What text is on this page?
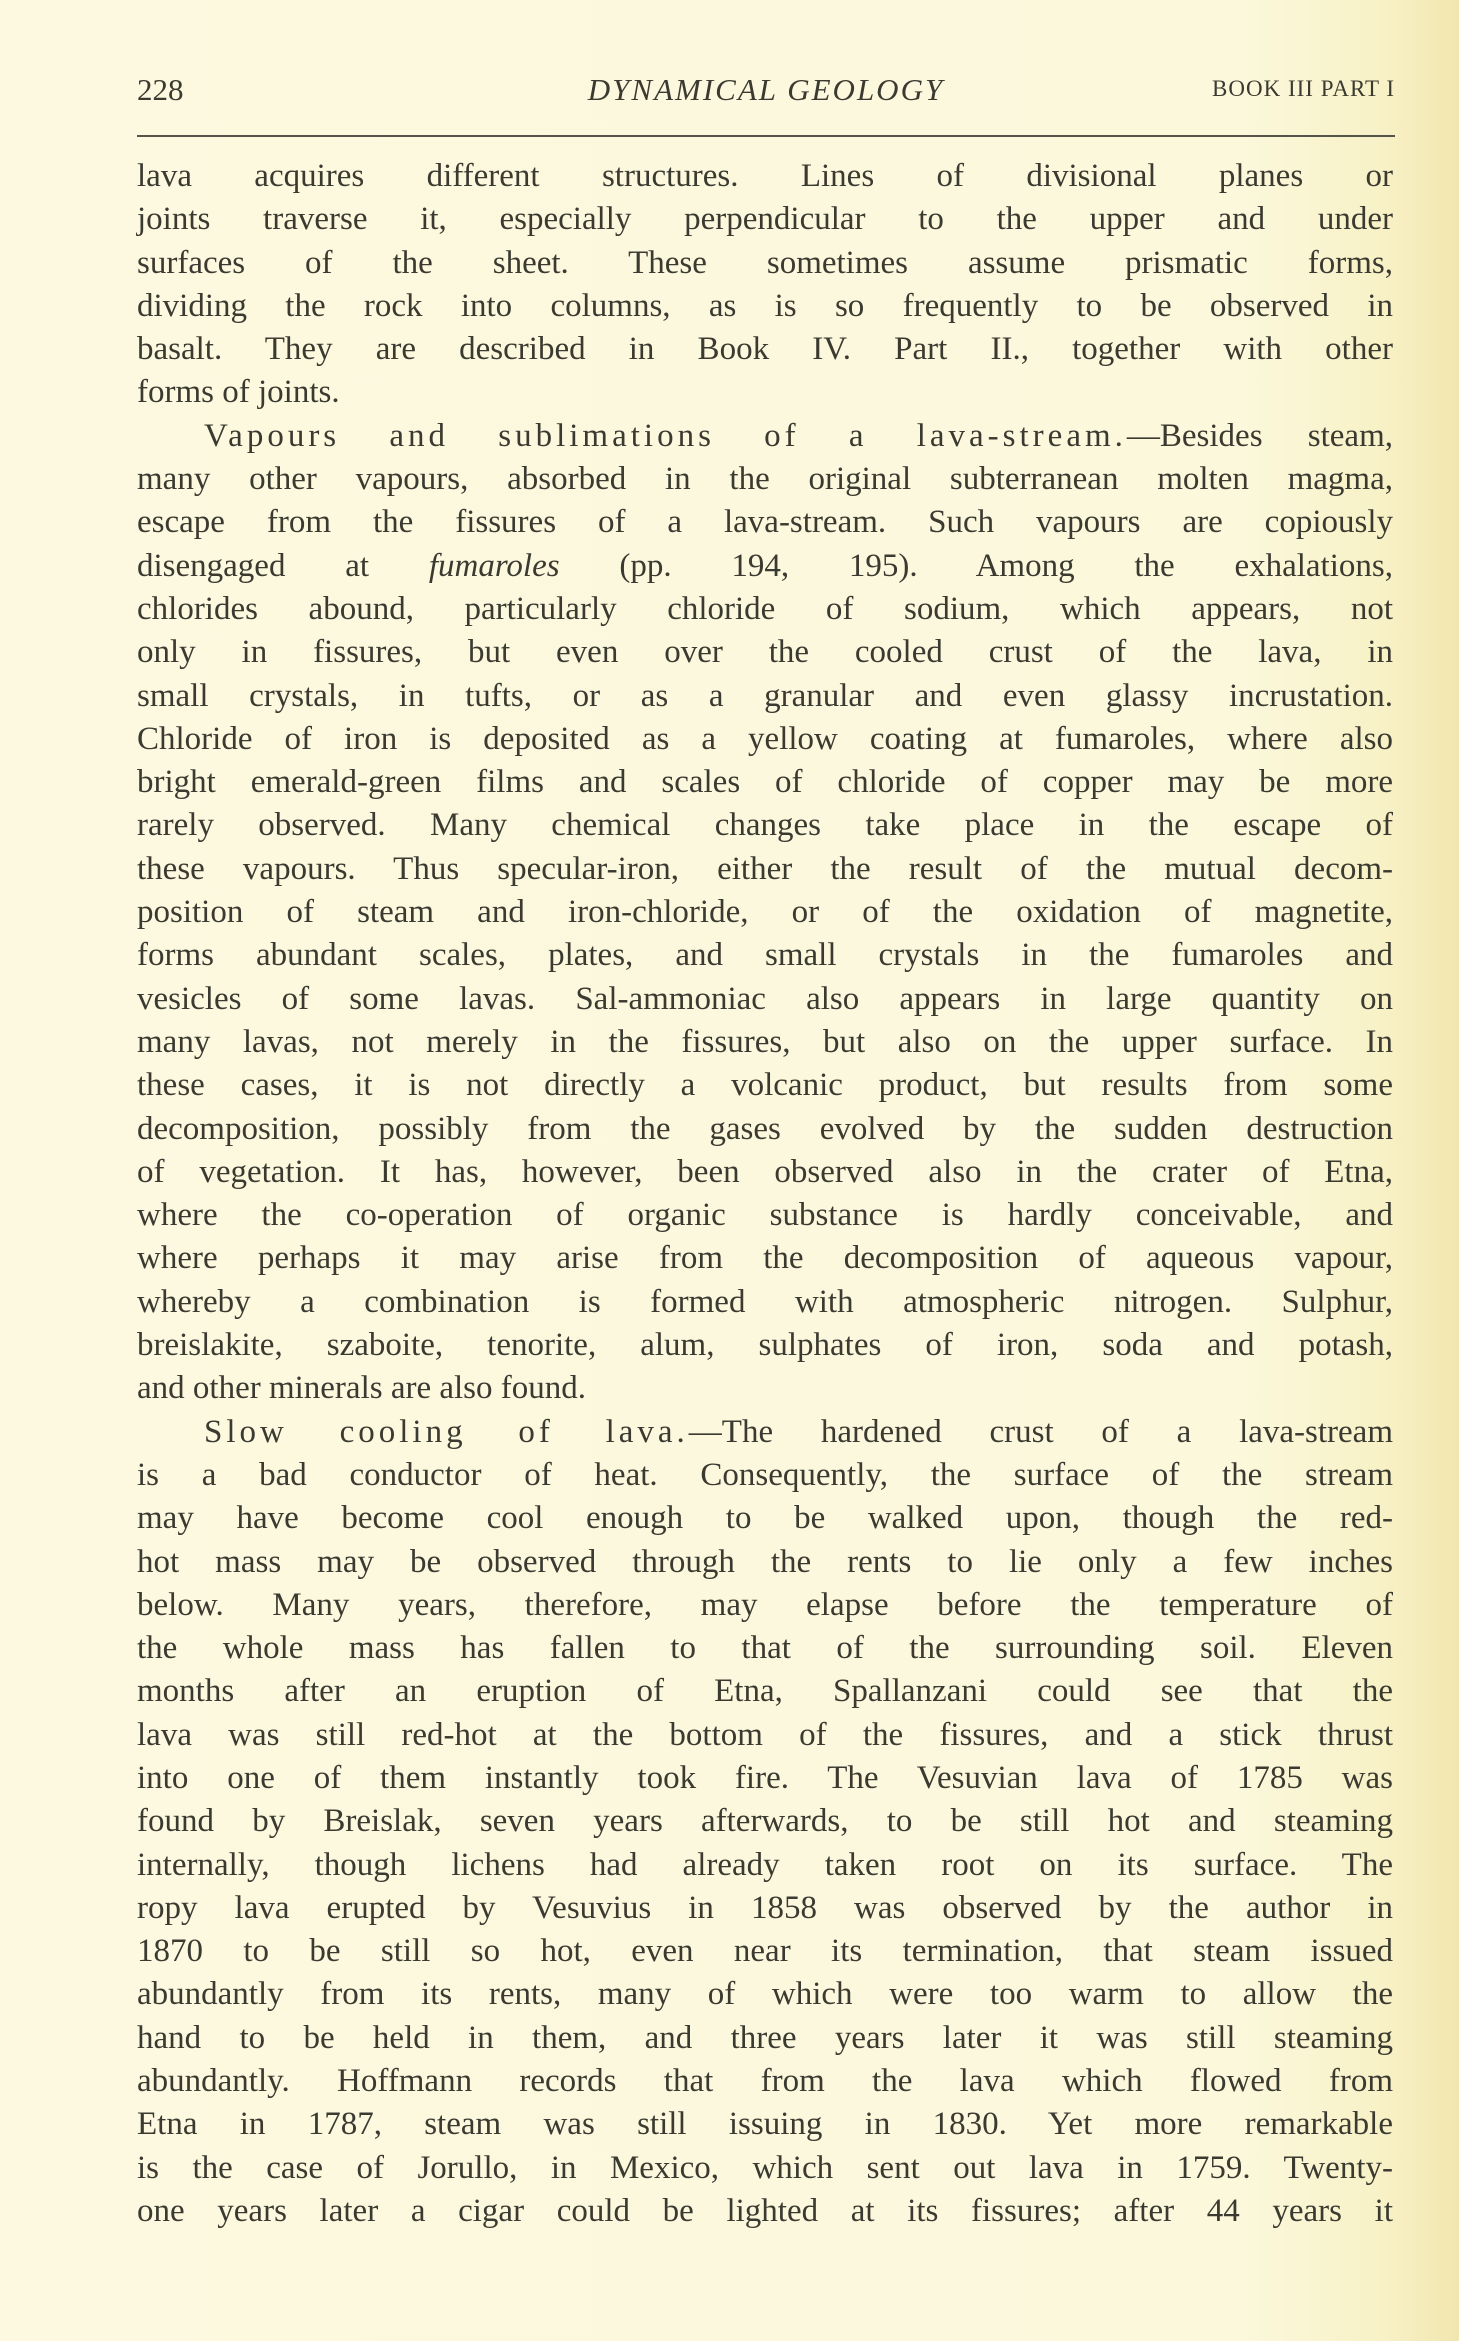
228	DYNAMICAL GEOLOGY	BOOK III PART I
lava acquires different structures. Lines of divisional planes or
joints traverse it, especially perpendicular to the upper and under
surfaces of the sheet. These sometimes assume prismatic forms,
dividing the rock into columns, as is so frequently to be observed in
basalt. They are described in Book IV. Part II., together with other
forms of joints.
Vapours and sublimations of a lava-stream.—Besides steam,
many other vapours, absorbed in the original subterranean molten magma,
escape from the fissures of a lava-stream. Such vapours are copiously
disengaged at fumaroles (pp. 194, 195). Among the exhalations,
chlorides abound, particularly chloride of sodium, which appears, not
only in fissures, but even over the cooled crust of the lava, in
small crystals, in tufts, or as a granular and even glassy incrustation.
Chloride of iron is deposited as a yellow coating at fumaroles, where also
bright emerald-green films and scales of chloride of copper may be more
rarely observed. Many chemical changes take place in the escape of
these vapours. Thus specular-iron, either the result of the mutual decom-
position of steam and iron-chloride, or of the oxidation of magnetite,
forms abundant scales, plates, and small crystals in the fumaroles and
vesicles of some lavas. Sal-ammoniac also appears in large quantity on
many lavas, not merely in the fissures, but also on the upper surface. In
these cases, it is not directly a volcanic product, but results from some
decomposition, possibly from the gases evolved by the sudden destruction
of vegetation. It has, however, been observed also in the crater of Etna,
where the co-operation of organic substance is hardly conceivable, and
where perhaps it may arise from the decomposition of aqueous vapour,
whereby a combination is formed with atmospheric nitrogen. Sulphur,
breislakite, szaboite, tenorite, alum, sulphates of iron, soda and potash,
and other minerals are also found.
Slow cooling of lava.—The hardened crust of a lava-stream
is a bad conductor of heat. Consequently, the surface of the stream
may have become cool enough to be walked upon, though the red-
hot mass may be observed through the rents to lie only a few inches
below. Many years, therefore, may elapse before the temperature of
the whole mass has fallen to that of the surrounding soil. Eleven
months after an eruption of Etna, Spallanzani could see that the
lava was still red-hot at the bottom of the fissures, and a stick thrust
into one of them instantly took fire. The Vesuvian lava of 1785 was
found by Breislak, seven years afterwards, to be still hot and steaming
internally, though lichens had already taken root on its surface. The
ropy lava erupted by Vesuvius in 1858 was observed by the author in
1870 to be still so hot, even near its termination, that steam issued
abundantly from its rents, many of which were too warm to allow the
hand to be held in them, and three years later it was still steaming
abundantly. Hoffmann records that from the lava which flowed from
Etna in 1787, steam was still issuing in 1830. Yet more remarkable
is the case of Jorullo, in Mexico, which sent out lava in 1759. Twenty-
one years later a cigar could be lighted at its fissures; after 44 years it
